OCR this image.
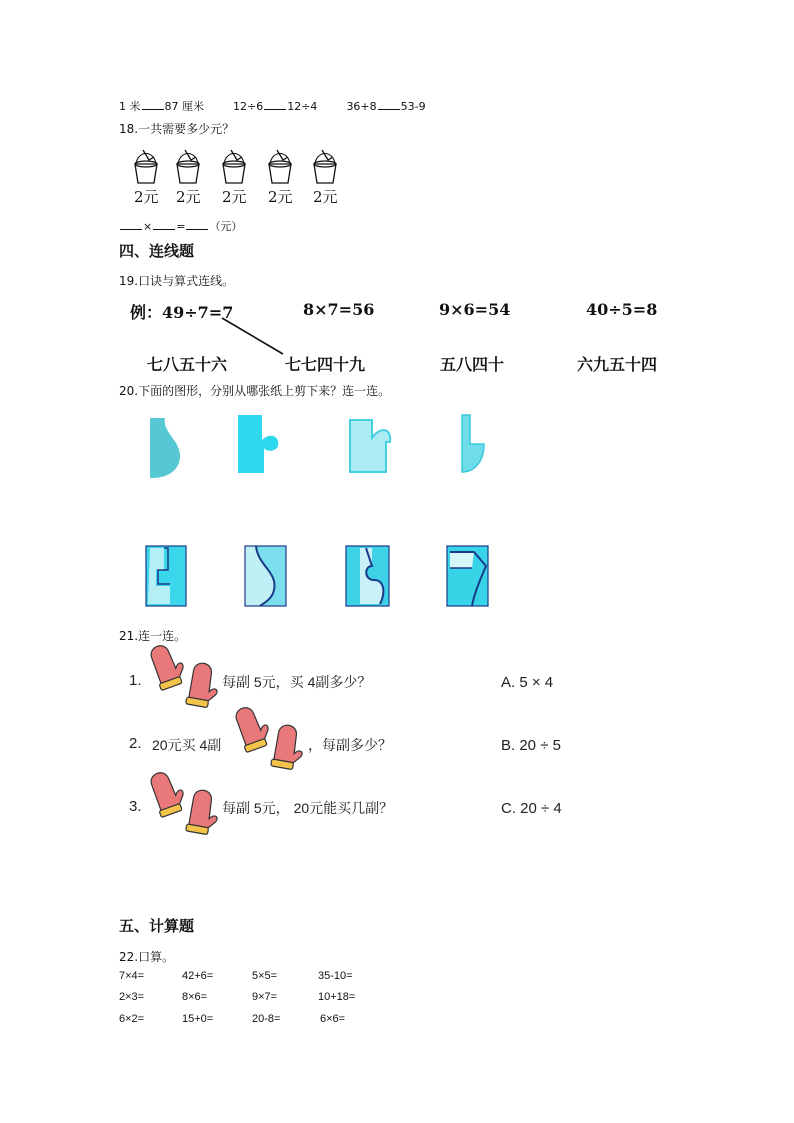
1 米 87 厘米	12÷6 12÷4	36+8 53-9
18.一共需要多少元？
2元 2元 2元 2元 2元
× = （元）
四、连线题
19.口诀与算式连线。
例：49÷7=7	8×7=56	9×6=54	40÷5=8
七八五十六	七七四十九	五八四十	六九五十四
20.下面的图形，分别从哪张纸上剪下来？连一连。
21.连一连。
1.	每副 5元，买 4副多少？
2. 20元买 4副	，每副多少？
3.	每副 5元， 20元能买几副？
A. 5 × 4
B. 20 ÷ 5
C. 20 ÷ 4
五、计算题
22.口算。
7×4=	42+6=	5×5=	35-10=
2×3=	8×6=	9×7=	10+18=
6×2=	15+0=	20-8=	6×6=
